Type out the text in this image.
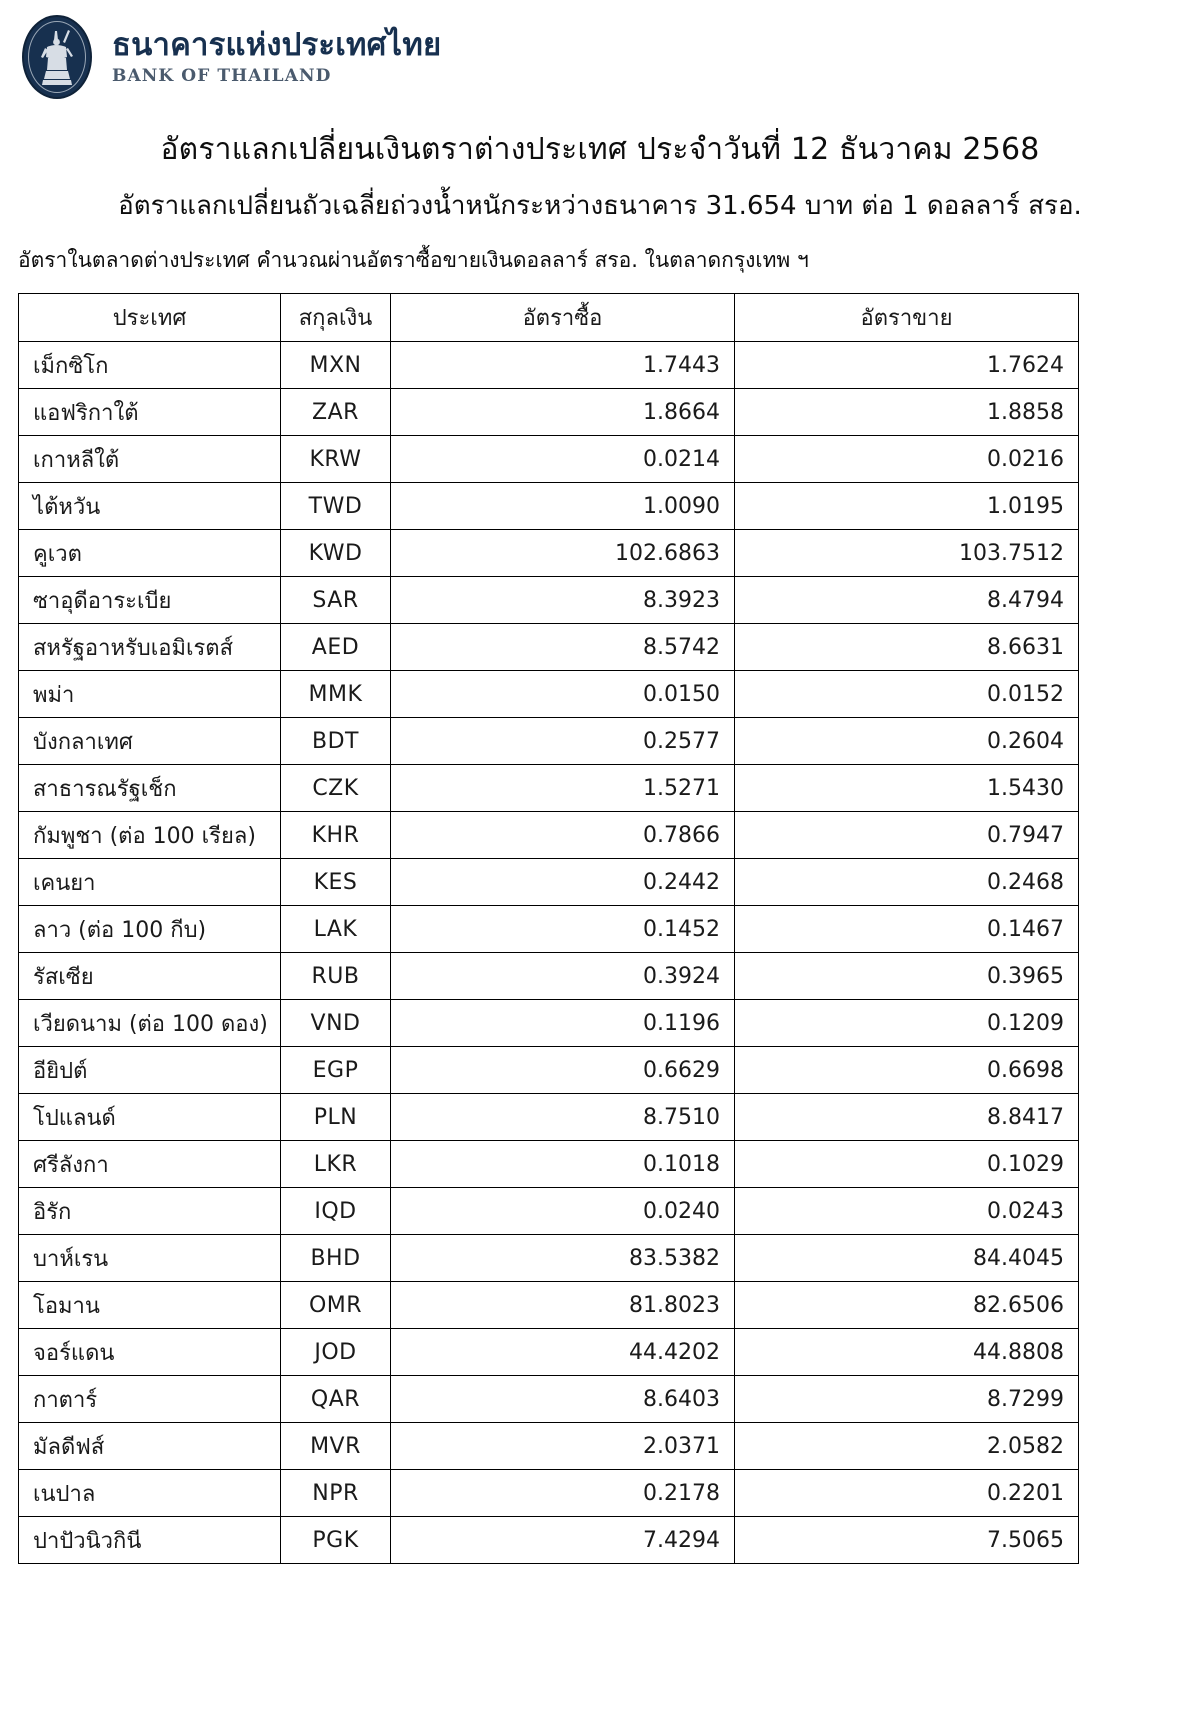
ธนาคารแห่งประเทศไทย
BANK OF THAILAND
อัตราแลกเปลี่ยนเงินตราต่างประเทศ ประจำวันที่ 12 ธันวาคม 2568
อัตราแลกเปลี่ยนถัวเฉลี่ยถ่วงน้ำหนักระหว่างธนาคาร 31.654 บาท ต่อ 1 ดอลลาร์ สรอ.
อัตราในตลาดต่างประเทศ คำนวณผ่านอัตราซื้อขายเงินดอลลาร์ สรอ. ในตลาดกรุงเทพ ฯ
ประเทศ	สกุลเงิน	อัตราซื้อ	อัตราขาย
เม็กซิโก	MXN	1.7443	1.7624
แอฟริกาใต้	ZAR	1.8664	1.8858
เกาหลีใต้	KRW	0.0214	0.0216
ไต้หวัน	TWD	1.0090	1.0195
คูเวต	KWD	102.6863	103.7512
ซาอุดีอาระเบีย	SAR	8.3923	8.4794
สหรัฐอาหรับเอมิเรตส์	AED	8.5742	8.6631
พม่า	MMK	0.0150	0.0152
บังกลาเทศ	BDT	0.2577	0.2604
สาธารณรัฐเช็ก	CZK	1.5271	1.5430
กัมพูชา (ต่อ 100 เรียล)	KHR	0.7866	0.7947
เคนยา	KES	0.2442	0.2468
ลาว (ต่อ 100 กีบ)	LAK	0.1452	0.1467
รัสเซีย	RUB	0.3924	0.3965
เวียดนาม (ต่อ 100 ดอง)	VND	0.1196	0.1209
อียิปต์	EGP	0.6629	0.6698
โปแลนด์	PLN	8.7510	8.8417
ศรีลังกา	LKR	0.1018	0.1029
อิรัก	IQD	0.0240	0.0243
บาห์เรน	BHD	83.5382	84.4045
โอมาน	OMR	81.8023	82.6506
จอร์แดน	JOD	44.4202	44.8808
กาตาร์	QAR	8.6403	8.7299
มัลดีฟส์	MVR	2.0371	2.0582
เนปาล	NPR	0.2178	0.2201
ปาปัวนิวกินี	PGK	7.4294	7.5065
